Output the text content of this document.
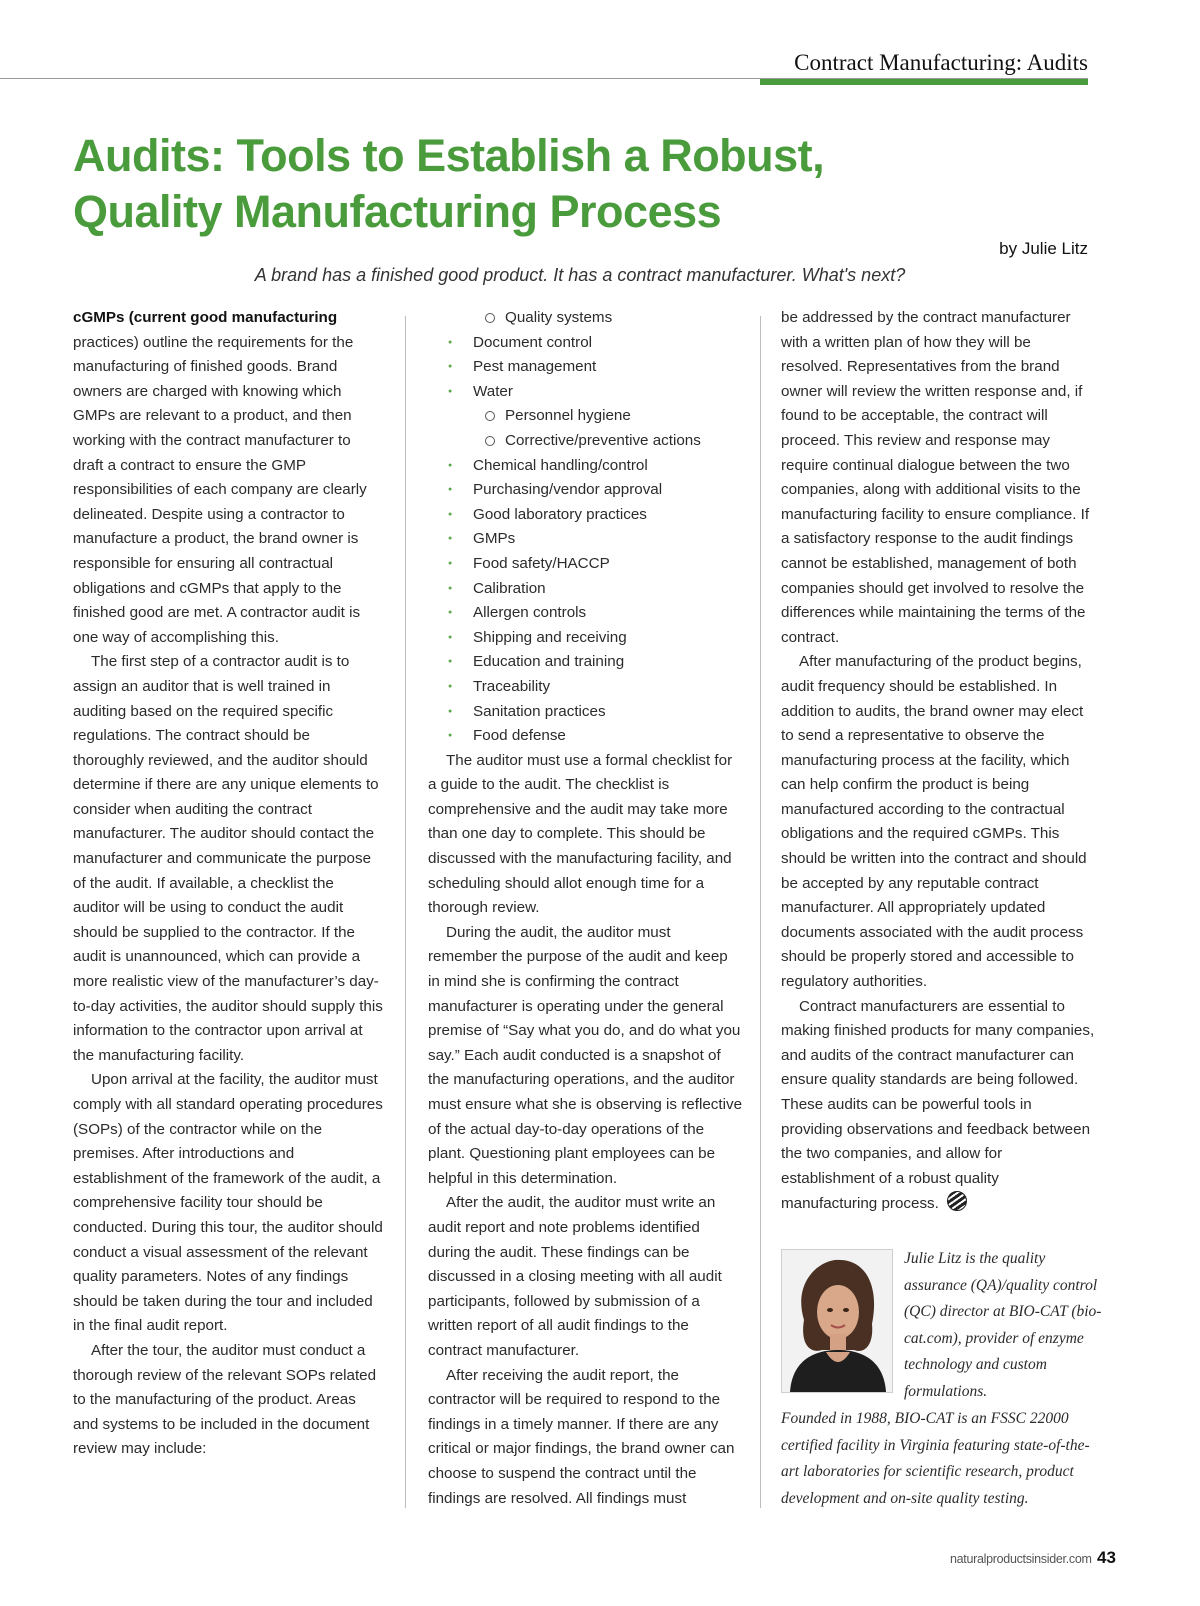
Contract Manufacturing: Audits
Audits: Tools to Establish a Robust, Quality Manufacturing Process
by Julie Litz
A brand has a finished good product. It has a contract manufacturer. What's next?

cGMPs (current good manufacturing practices) outline the requirements for the manufacturing of finished goods. Brand owners are charged with knowing which GMPs are relevant to a product, and then working with the contract manufacturer to draft a contract to ensure the GMP responsibilities of each company are clearly delineated. Despite using a contractor to manufacture a product, the brand owner is responsible for ensuring all contractual obligations and cGMPs that apply to the finished good are met. A contractor audit is one way of accomplishing this.

The first step of a contractor audit is to assign an auditor that is well trained in auditing based on the required specific regulations. The contract should be thoroughly reviewed, and the auditor should determine if there are any unique elements to consider when auditing the contract manufacturer. The auditor should contact the manufacturer and communicate the purpose of the audit. If available, a checklist the auditor will be using to conduct the audit should be supplied to the contractor. If the audit is unannounced, which can provide a more realistic view of the manufacturer’s day-to-day activities, the auditor should supply this information to the contractor upon arrival at the manufacturing facility.

Upon arrival at the facility, the auditor must comply with all standard operating procedures (SOPs) of the contractor while on the premises. After introductions and establishment of the framework of the audit, a comprehensive facility tour should be conducted. During this tour, the auditor should conduct a visual assessment of the relevant quality parameters. Notes of any findings should be taken during the tour and included in the final audit report.

After the tour, the auditor must conduct a thorough review of the relevant SOPs related to the manufacturing of the product. Areas and systems to be included in the document review may include:

Quality systems
● Document control
● Pest management
● Water
Personnel hygiene
Corrective/preventive actions
● Chemical handling/control
● Purchasing/vendor approval
● Good laboratory practices
● GMPs
● Food safety/HACCP
● Calibration
● Allergen controls
● Shipping and receiving
● Education and training
● Traceability
● Sanitation practices
● Food defense

The auditor must use a formal checklist for a guide to the audit. The checklist is comprehensive and the audit may take more than one day to complete. This should be discussed with the manufacturing facility, and scheduling should allot enough time for a thorough review.

During the audit, the auditor must remember the purpose of the audit and keep in mind she is confirming the contract manufacturer is operating under the general premise of “Say what you do, and do what you say.” Each audit conducted is a snapshot of the manufacturing operations, and the auditor must ensure what she is observing is reflective of the actual day-to-day operations of the plant. Questioning plant employees can be helpful in this determination.

After the audit, the auditor must write an audit report and note problems identified during the audit. These findings can be discussed in a closing meeting with all audit participants, followed by submission of a written report of all audit findings to the contract manufacturer.

After receiving the audit report, the contractor will be required to respond to the findings in a timely manner. If there are any critical or major findings, the brand owner can choose to suspend the contract until the findings are resolved. All findings must

be addressed by the contract manufacturer with a written plan of how they will be resolved. Representatives from the brand owner will review the written response and, if found to be acceptable, the contract will proceed. This review and response may require continual dialogue between the two companies, along with additional visits to the manufacturing facility to ensure compliance. If a satisfactory response to the audit findings cannot be established, management of both companies should get involved to resolve the differences while maintaining the terms of the contract.

After manufacturing of the product begins, audit frequency should be established. In addition to audits, the brand owner may elect to send a representative to observe the manufacturing process at the facility, which can help confirm the product is being manufactured according to the contractual obligations and the required cGMPs. This should be written into the contract and should be accepted by any reputable contract manufacturer. All appropriately updated documents associated with the audit process should be properly stored and accessible to regulatory authorities.

Contract manufacturers are essential to making finished products for many companies, and audits of the contract manufacturer can ensure quality standards are being followed. These audits can be powerful tools in providing observations and feedback between the two companies, and allow for establishment of a robust quality manufacturing process.

Julie Litz is the quality assurance (QA)/quality control (QC) director at BIO-CAT (bio-cat.com), provider of enzyme technology and custom formulations.
Founded in 1988, BIO-CAT is an FSSC 22000 certified facility in Virginia featuring state-of-the-art laboratories for scientific research, product development and on-site quality testing.
naturalproductsinsider.com 43
